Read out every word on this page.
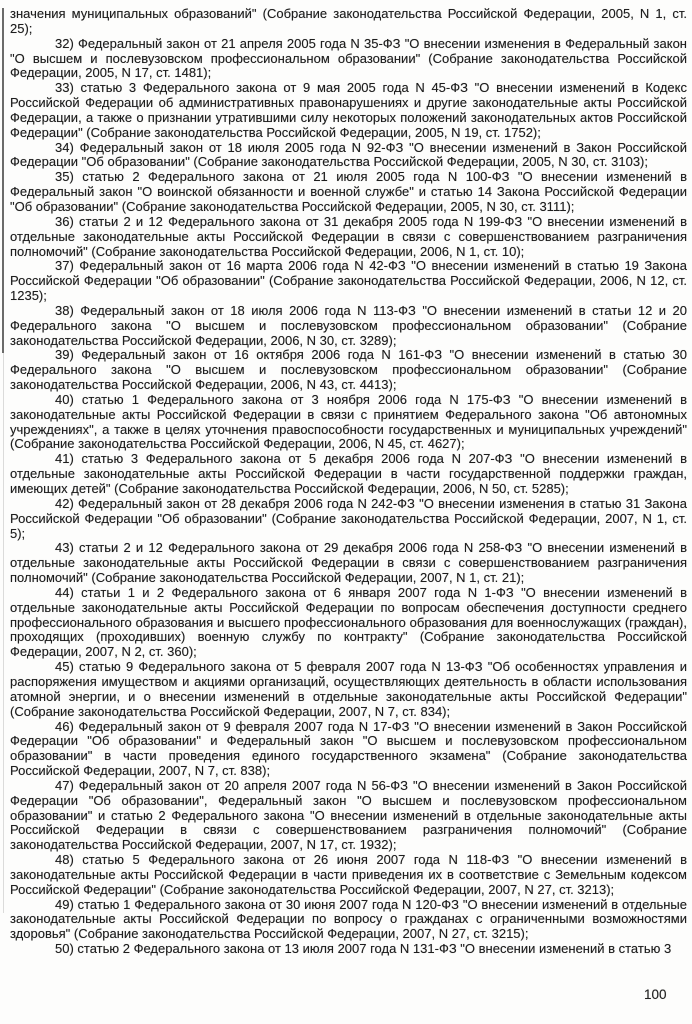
значения муниципальных образований" (Собрание законодательства Российской Федерации, 2005, N 1, ст. 25);

32) Федеральный закон от 21 апреля 2005 года N 35-ФЗ "О внесении изменения в Федеральный закон "О высшем и послевузовском профессиональном образовании" (Собрание законодательства Российской Федерации, 2005, N 17, ст. 1481);

33) статью 3 Федерального закона от 9 мая 2005 года N 45-ФЗ "О внесении изменений в Кодекс Российской Федерации об административных правонарушениях и другие законодательные акты Российской Федерации, а также о признании утратившими силу некоторых положений законодательных актов Российской Федерации" (Собрание законодательства Российской Федерации, 2005, N 19, ст. 1752);

34) Федеральный закон от 18 июля 2005 года N 92-ФЗ "О внесении изменений в Закон Российской Федерации "Об образовании" (Собрание законодательства Российской Федерации, 2005, N 30, ст. 3103);

35) статью 2 Федерального закона от 21 июля 2005 года N 100-ФЗ "О внесении изменений в Федеральный закон "О воинской обязанности и военной службе" и статью 14 Закона Российской Федерации "Об образовании" (Собрание законодательства Российской Федерации, 2005, N 30, ст. 3111);

36) статьи 2 и 12 Федерального закона от 31 декабря 2005 года N 199-ФЗ "О внесении изменений в отдельные законодательные акты Российской Федерации в связи с совершенствованием разграничения полномочий" (Собрание законодательства Российской Федерации, 2006, N 1, ст. 10);

37) Федеральный закон от 16 марта 2006 года N 42-ФЗ "О внесении изменений в статью 19 Закона Российской Федерации "Об образовании" (Собрание законодательства Российской Федерации, 2006, N 12, ст. 1235);

38) Федеральный закон от 18 июля 2006 года N 113-ФЗ "О внесении изменений в статьи 12 и 20 Федерального закона "О высшем и послевузовском профессиональном образовании" (Собрание законодательства Российской Федерации, 2006, N 30, ст. 3289);

39) Федеральный закон от 16 октября 2006 года N 161-ФЗ "О внесении изменений в статью 30 Федерального закона "О высшем и послевузовском профессиональном образовании" (Собрание законодательства Российской Федерации, 2006, N 43, ст. 4413);

40) статью 1 Федерального закона от 3 ноября 2006 года N 175-ФЗ "О внесении изменений в законодательные акты Российской Федерации в связи с принятием Федерального закона "Об автономных учреждениях", а также в целях уточнения правоспособности государственных и муниципальных учреждений" (Собрание законодательства Российской Федерации, 2006, N 45, ст. 4627);

41) статью 3 Федерального закона от 5 декабря 2006 года N 207-ФЗ "О внесении изменений в отдельные законодательные акты Российской Федерации в части государственной поддержки граждан, имеющих детей" (Собрание законодательства Российской Федерации, 2006, N 50, ст. 5285);

42) Федеральный закон от 28 декабря 2006 года N 242-ФЗ "О внесении изменения в статью 31 Закона Российской Федерации "Об образовании" (Собрание законодательства Российской Федерации, 2007, N 1, ст. 5);

43) статьи 2 и 12 Федерального закона от 29 декабря 2006 года N 258-ФЗ "О внесении изменений в отдельные законодательные акты Российской Федерации в связи с совершенствованием разграничения полномочий" (Собрание законодательства Российской Федерации, 2007, N 1, ст. 21);

44) статьи 1 и 2 Федерального закона от 6 января 2007 года N 1-ФЗ "О внесении изменений в отдельные законодательные акты Российской Федерации по вопросам обеспечения доступности среднего профессионального образования и высшего профессионального образования для военнослужащих (граждан), проходящих (проходивших) военную службу по контракту" (Собрание законодательства Российской Федерации, 2007, N 2, ст. 360);

45) статью 9 Федерального закона от 5 февраля 2007 года N 13-ФЗ "Об особенностях управления и распоряжения имуществом и акциями организаций, осуществляющих деятельность в области использования атомной энергии, и о внесении изменений в отдельные законодательные акты Российской Федерации" (Собрание законодательства Российской Федерации, 2007, N 7, ст. 834);

46) Федеральный закон от 9 февраля 2007 года N 17-ФЗ "О внесении изменений в Закон Российской Федерации "Об образовании" и Федеральный закон "О высшем и послевузовском профессиональном образовании" в части проведения единого государственного экзамена" (Собрание законодательства Российской Федерации, 2007, N 7, ст. 838);

47) Федеральный закон от 20 апреля 2007 года N 56-ФЗ "О внесении изменений в Закон Российской Федерации "Об образовании", Федеральный закон "О высшем и послевузовском профессиональном образовании" и статью 2 Федерального закона "О внесении изменений в отдельные законодательные акты Российской Федерации в связи с совершенствованием разграничения полномочий" (Собрание законодательства Российской Федерации, 2007, N 17, ст. 1932);

48) статью 5 Федерального закона от 26 июня 2007 года N 118-ФЗ "О внесении изменений в законодательные акты Российской Федерации в части приведения их в соответствие с Земельным кодексом Российской Федерации" (Собрание законодательства Российской Федерации, 2007, N 27, ст. 3213);

49) статью 1 Федерального закона от 30 июня 2007 года N 120-ФЗ "О внесении изменений в отдельные законодательные акты Российской Федерации по вопросу о гражданах с ограниченными возможностями здоровья" (Собрание законодательства Российской Федерации, 2007, N 27, ст. 3215);

50) статью 2 Федерального закона от 13 июля 2007 года N 131-ФЗ "О внесении изменений в статью 3

100
